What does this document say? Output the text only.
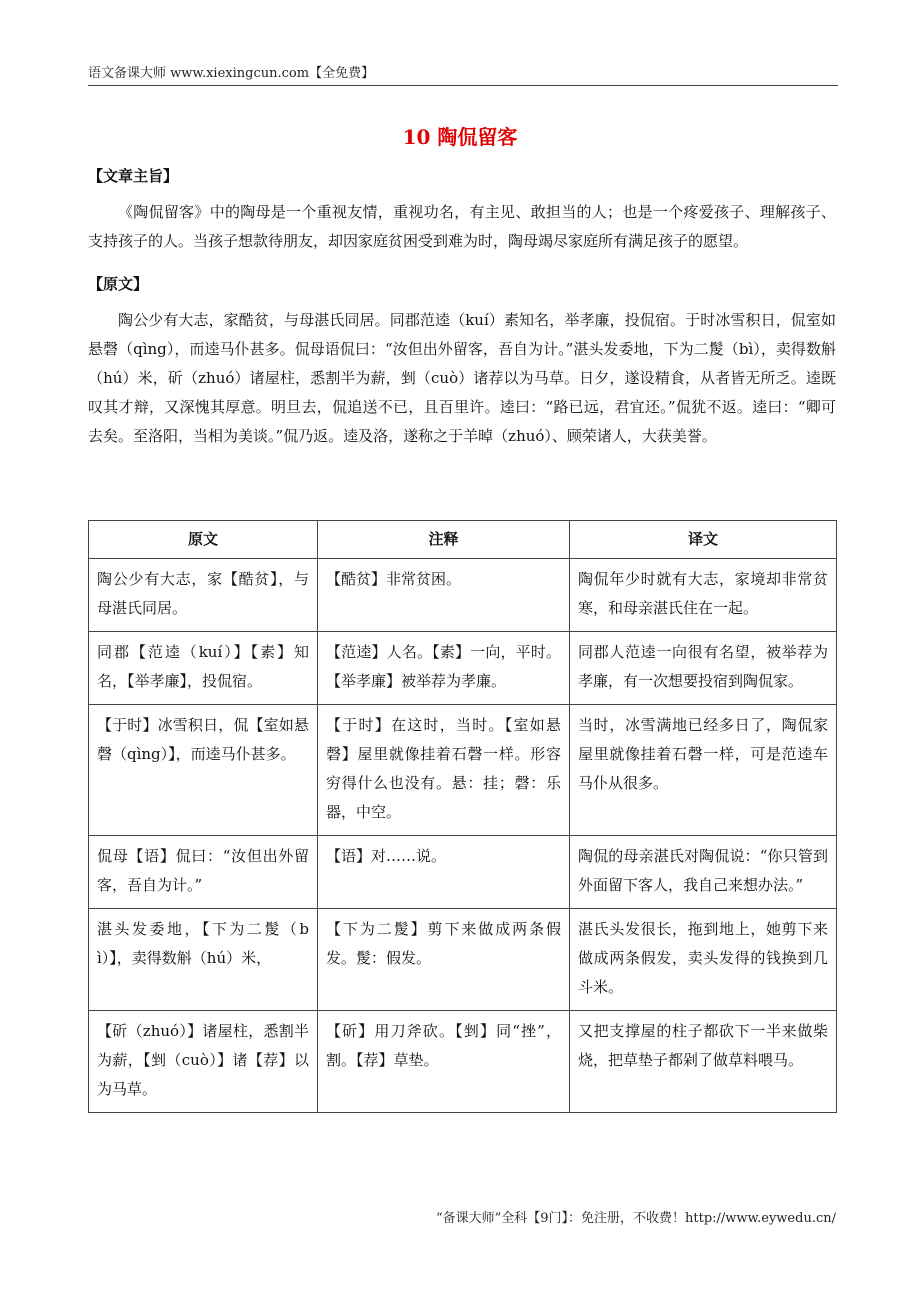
语文备课大师 www.xiexingcun.com【全免费】
10 陶侃留客
【文章主旨】
《陶侃留客》中的陶母是一个重视友情，重视功名，有主见、敢担当的人；也是一个疼爱孩子、理解孩子、支持孩子的人。当孩子想款待朋友，却因家庭贫困受到难为时，陶母竭尽家庭所有满足孩子的愿望。
【原文】
陶公少有大志，家酷贫，与母湛氏同居。同郡范逵（kuí）素知名，举孝廉，投侃宿。于时冰雪积日，侃室如悬磬（qìng），而逵马仆甚多。侃母语侃曰：“汝但出外留客，吾自为计。”湛头发委地，下为二髲（bì），卖得数斛（hú）米，斫（zhuó）诸屋柱，悉割半为薪，剉（cuò）诸荐以为马草。日夕，遂设精食，从者皆无所乏。逵既叹其才辩，又深愧其厚意。明旦去，侃追送不已，且百里许。逵曰：“路已远，君宜还。”侃犹不返。逵曰：“卿可去矣。至洛阳，当相为美谈。”侃乃返。逵及洛，遂称之于羊晫（zhuó）、顾荣诸人，大获美誉。
原文	注释	译文
陶公少有大志，家【酷贫】，与母湛氏同居。	【酷贫】非常贫困。	陶侃年少时就有大志，家境却非常贫寒，和母亲湛氏住在一起。
同郡【范逵（kuí）】【素】知名，【举孝廉】，投侃宿。	【范逵】人名。【素】一向，平时。【举孝廉】被举荐为孝廉。	同郡人范逵一向很有名望，被举荐为孝廉，有一次想要投宿到陶侃家。
【于时】冰雪积日，侃【室如悬磬（qìng）】，而逵马仆甚多。	【于时】在这时，当时。【室如悬磬】屋里就像挂着石磬一样。形容穷得什么也没有。悬：挂；磬：乐器，中空。	当时，冰雪满地已经多日了，陶侃家屋里就像挂着石磬一样，可是范逵车马仆从很多。
侃母【语】侃曰：“汝但出外留客，吾自为计。”	【语】对……说。	陶侃的母亲湛氏对陶侃说：“你只管到外面留下客人，我自己来想办法。”
湛头发委地，【下为二髲（bì）】，卖得数斛（hú）米，	【下为二髲】剪下来做成两条假发。髲：假发。	湛氏头发很长，拖到地上，她剪下来做成两条假发，卖头发得的钱换到几斗米。
【斫（zhuó）】诸屋柱，悉割半为薪，【剉（cuò）】诸【荐】以为马草。	【斫】用刀斧砍。【剉】同“挫”，割。【荐】草垫。	又把支撑屋的柱子都砍下一半来做柴烧，把草垫子都剁了做草料喂马。
“备课大师”全科【9门】：免注册，不收费！http://www.eywedu.cn/
